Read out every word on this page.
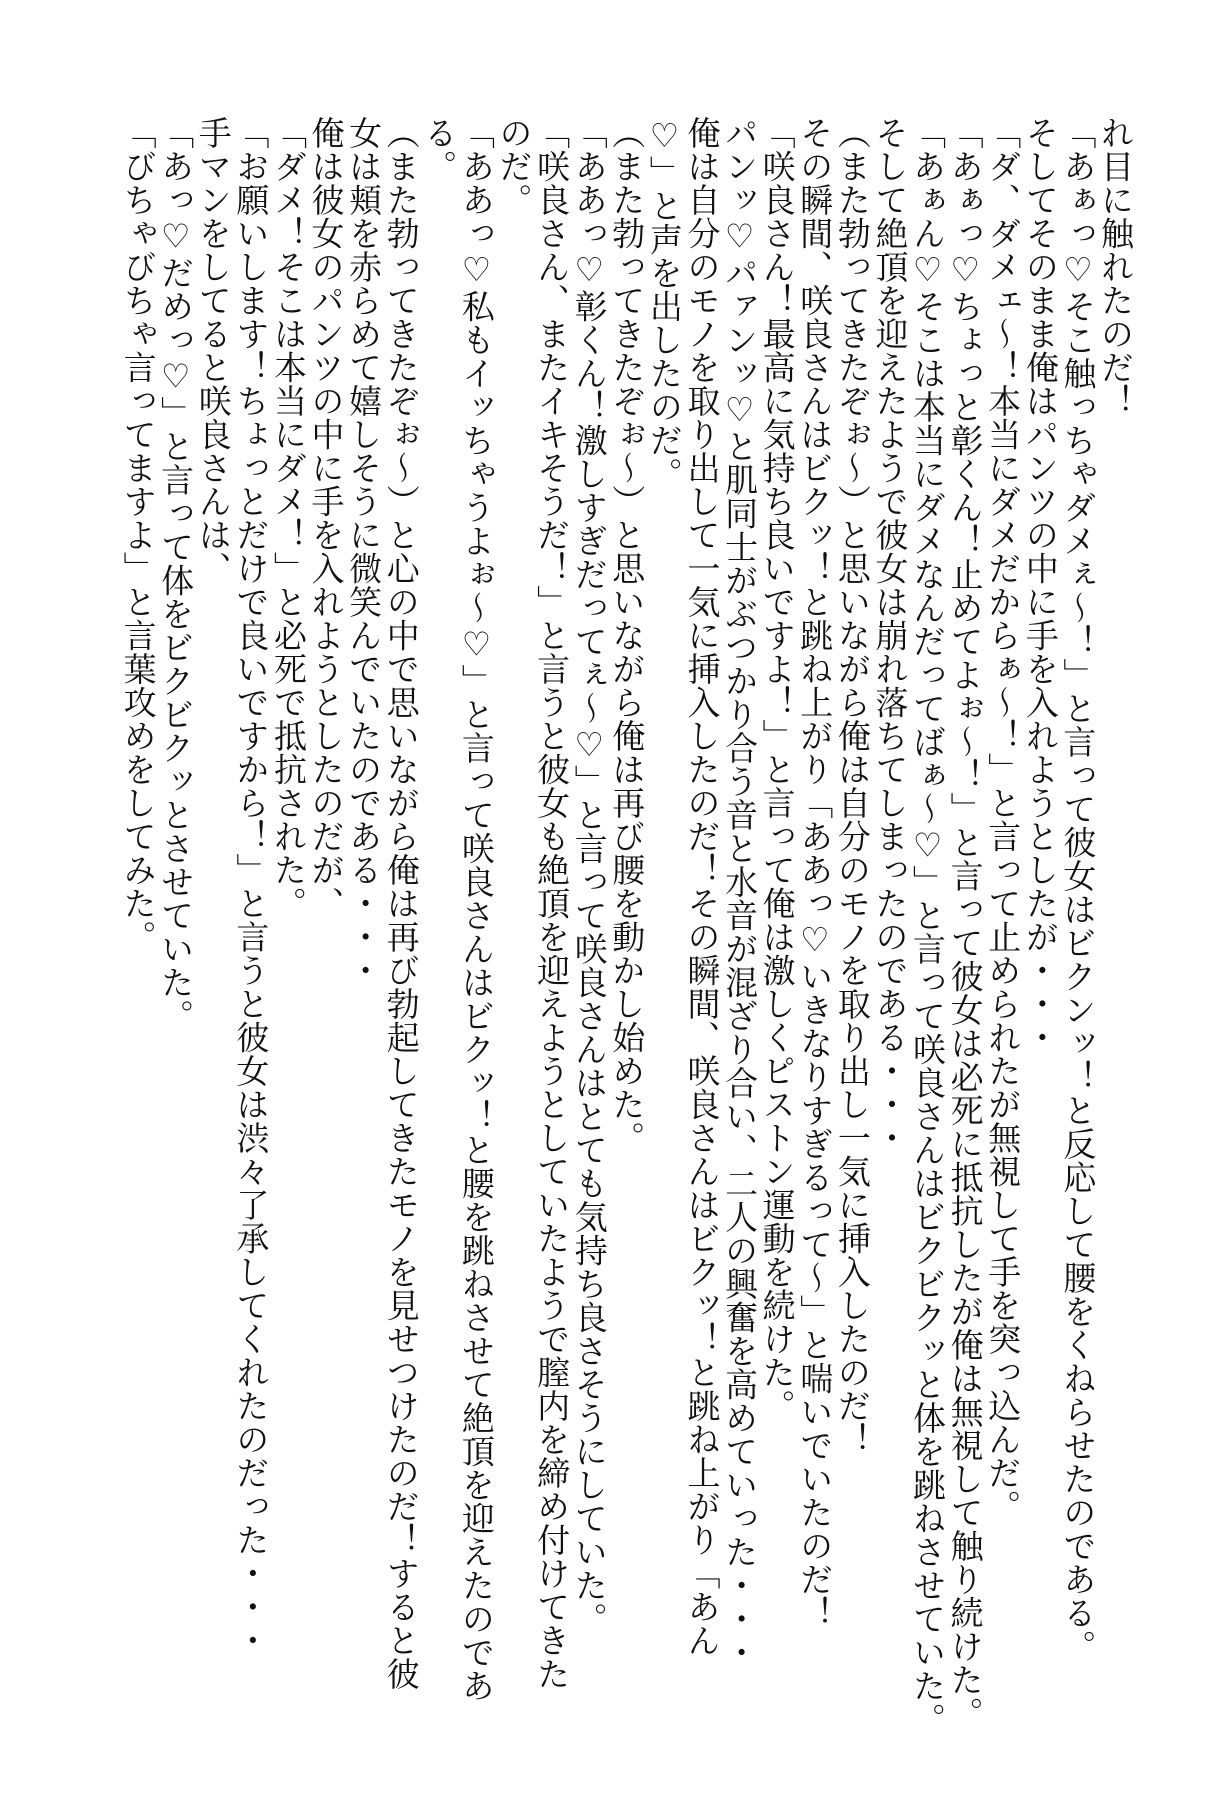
れ目に触れたのだ！
「あぁっ♡そこ触っちゃダメぇ～！」と言って彼女はビクンッ！と反応して腰をくねらせたのである。
そしてそのまま俺はパンツの中に手を入れようとしたが・・・
「ダ、ダメェ～！本当にダメだからぁ～！」と言って止められたが無視して手を突っ込んだ。
「あぁっ♡ちょっと彰くん！止めてよぉ～！」と言って彼女は必死に抵抗したが俺は無視して触り続けた。
「あぁん♡そこは本当にダメなんだってばぁ～♡」と言って咲良さんはビクビクッと体を跳ねさせていた。
そして絶頂を迎えたようで彼女は崩れ落ちてしまったのである・・・
（また勃ってきたぞぉ～）と思いながら俺は自分のモノを取り出し一気に挿入したのだ！
その瞬間、咲良さんはビクッ！と跳ね上がり「ああっ♡いきなりすぎるって～」と喘いでいたのだ！
「咲良さん！最高に気持ち良いですよ！」と言って俺は激しくピストン運動を続けた。
パンッ♡パァンッ♡と肌同士がぶつかり合う音と水音が混ざり合い、二人の興奮を高めていった・・・
俺は自分のモノを取り出して一気に挿入したのだ！その瞬間、咲良さんはビクッ！と跳ね上がり「あん
♡」と声を出したのだ。
（また勃ってきたぞぉ～）と思いながら俺は再び腰を動かし始めた。
「ああっ♡彰くん！激しすぎだってぇ～♡」と言って咲良さんはとても気持ち良さそうにしていた。
「咲良さん、またイキそうだ！」と言うと彼女も絶頂を迎えようとしていたようで膣内を締め付けてきた
のだ。
「ああっ♡私もイッちゃうよぉ～♡」と言って咲良さんはビクッ！と腰を跳ねさせて絶頂を迎えたのであ
る。
（また勃ってきたぞぉ～）と心の中で思いながら俺は再び勃起してきたモノを見せつけたのだ！すると彼
女は頬を赤らめて嬉しそうに微笑んでいたのである・・・
俺は彼女のパンツの中に手を入れようとしたのだが、
「ダメ！そこは本当にダメ！」と必死で抵抗された。
「お願いします！ちょっとだけで良いですから！」と言うと彼女は渋々了承してくれたのだった・・・
手マンをしてると咲良さんは、
「あっ♡だめっ♡」と言って体をビクビクッとさせていた。
「びちゃびちゃ言ってますよ」と言葉攻めをしてみた。
